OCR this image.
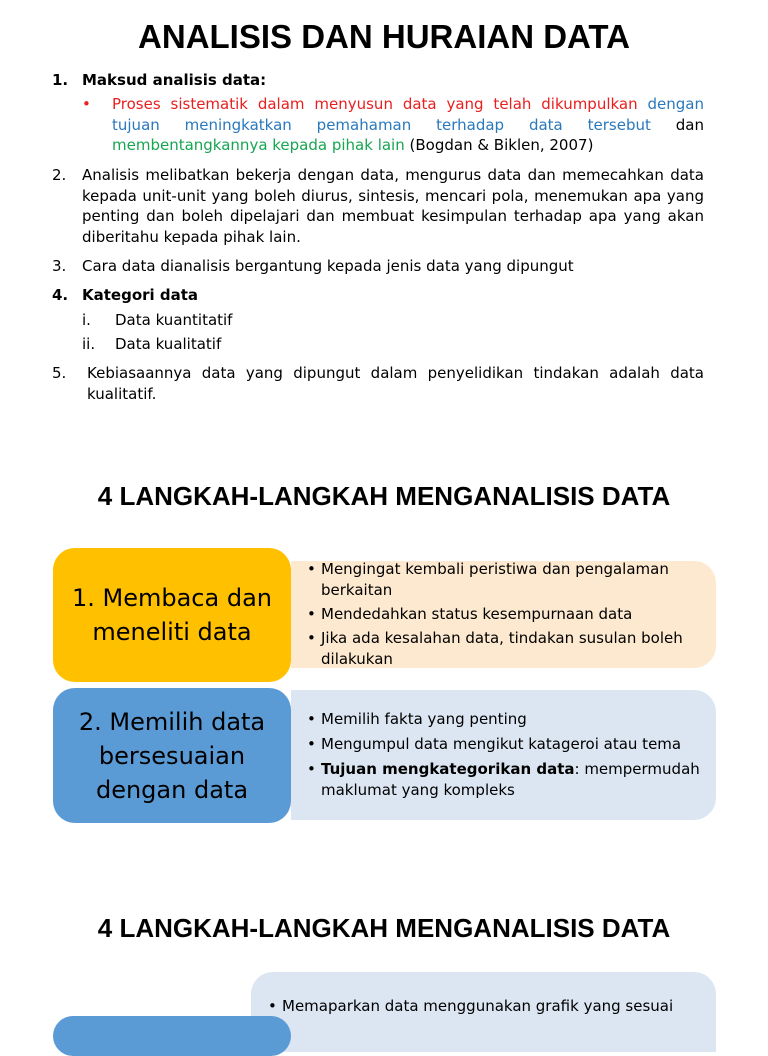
ANALISIS DAN HURAIAN DATA
1. Maksud analisis data:
• Proses sistematik dalam menyusun data yang telah dikumpulkan dengan tujuan meningkatkan pemahaman terhadap data tersebut dan membentangkannya kepada pihak lain (Bogdan & Biklen, 2007)
2. Analisis melibatkan bekerja dengan data, mengurus data dan memecahkan data kepada unit-unit yang boleh diurus, sintesis, mencari pola, menemukan apa yang penting dan boleh dipelajari dan membuat kesimpulan terhadap apa yang akan diberitahu kepada pihak lain.
3. Cara data dianalisis bergantung kepada jenis data yang dipungut
4. Kategori data
i. Data kuantitatif
ii. Data kualitatif
5. Kebiasaannya data yang dipungut dalam penyelidikan tindakan adalah data kualitatif.
4 LANGKAH-LANGKAH MENGANALISIS DATA
1. Membaca dan meneliti data
• Mengingat kembali peristiwa dan pengalaman berkaitan
• Mendedahkan status kesempurnaan data
• Jika ada kesalahan data, tindakan susulan boleh dilakukan
2. Memilih data bersesuaian dengan data
• Memilih fakta yang penting
• Mengumpul data mengikut katageroi atau tema
• Tujuan mengkategorikan data: mempermudah maklumat yang kompleks
4 LANGKAH-LANGKAH MENGANALISIS DATA
• Memaparkan data menggunakan grafik yang sesuai
